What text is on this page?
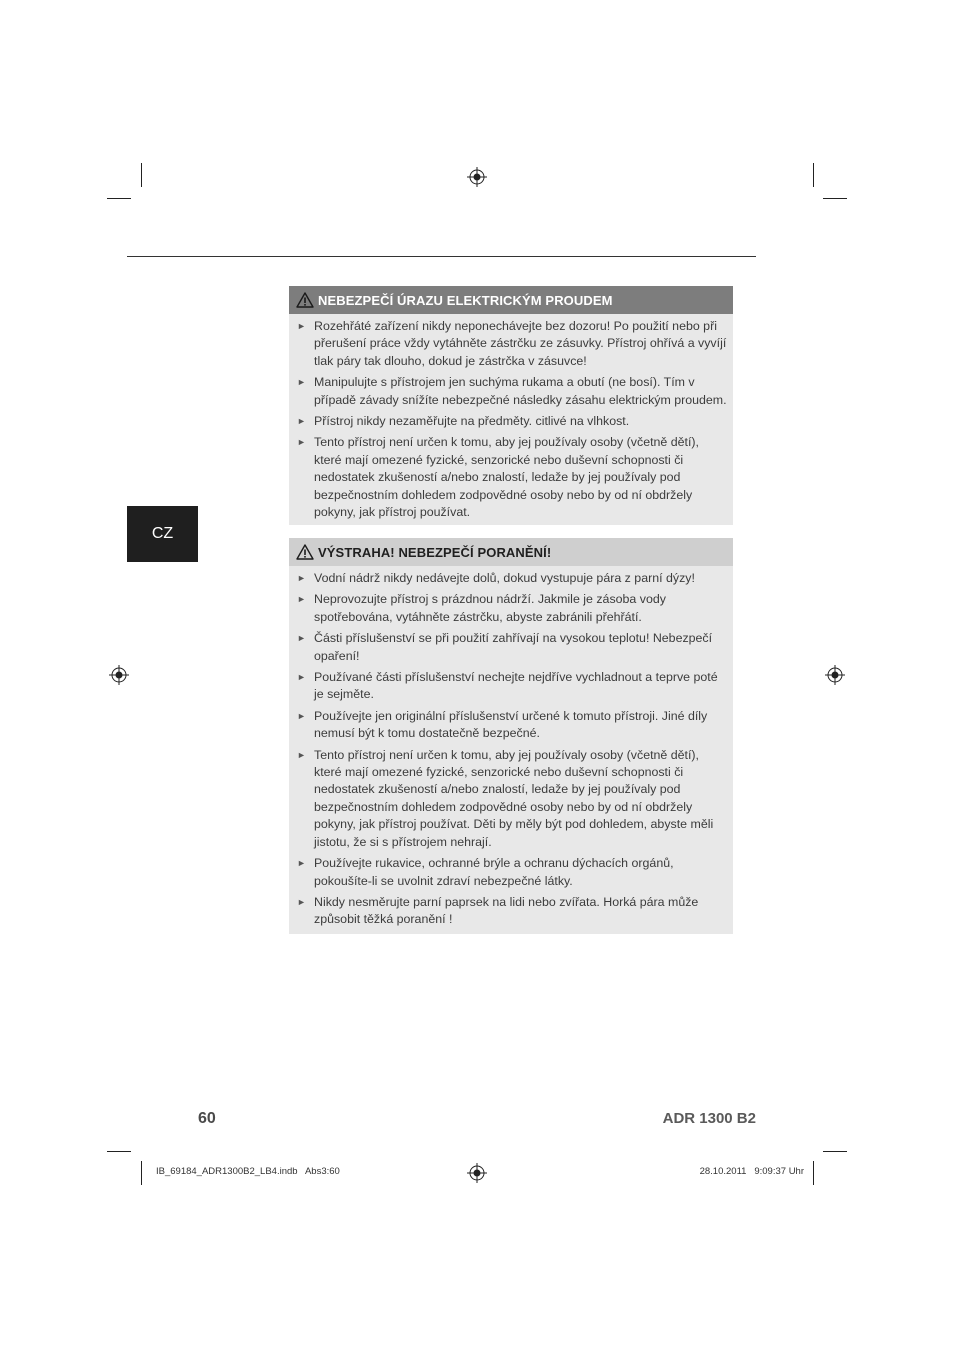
CZ
NEBEZPEČÍ ÚRAZU ELEKTRICKÝM PROUDEM
► Rozehřáté zařízení nikdy neponechávejte bez dozoru! Po použití nebo při přerušení práce vždy vytáhněte zástrčku ze zásuvky. Přístroj ohřívá a vyvíjí tlak páry tak dlouho, dokud je zástrčka v zásuvce!
► Manipulujte s přístrojem jen suchýma rukama a obutí (ne bosí). Tím v případě závady snížíte nebezpečné následky zásahu elektrickým proudem.
► Přístroj nikdy nezaměřujte na předměty. citlivé na vlhkost.
► Tento přístroj není určen k tomu, aby jej používaly osoby (včetně dětí), které mají omezené fyzické, senzorické nebo duševní schopnosti či nedostatek zkušeností a/nebo znalostí, ledaže by jej používaly pod bezpečnostním dohledem zodpovědné osoby nebo by od ní obdržely pokyny, jak přístroj používat.
VÝSTRAHA! NEBEZPEČÍ PORANĚNÍ!
► Vodní nádrž nikdy nedávejte dolů, dokud vystupuje pára z parní dýzy!
► Neprovozujte přístroj s prázdnou nádrží. Jakmile je zásoba vody spotřebována, vytáhněte zástrčku, abyste zabránili přehřátí.
► Části příslušenství se při použití zahřívají na vysokou teplotu! Nebezpečí opaření!
► Používané části příslušenství nechejte nejdříve vychladnout a teprve poté je sejměte.
► Používejte jen originální příslušenství určené k tomuto přístroji. Jiné díly nemusí být k tomu dostatečně bezpečné.
► Tento přístroj není určen k tomu, aby jej používaly osoby (včetně dětí), které mají omezené fyzické, senzorické nebo duševní schopnosti či nedostatek zkušeností a/nebo znalostí, ledaže by jej používaly pod bezpečnostním dohledem zodpovědné osoby nebo by od ní obdržely pokyny, jak přístroj používat. Děti by měly být pod dohledem, abyste měli jistotu, že si s přístrojem nehrají.
► Používejte rukavice, ochranné brýle a ochranu dýchacích orgánů, pokoušíte-li se uvolnit zdraví nebezpečné látky.
► Nikdy nesměrujte parní paprsek na lidi nebo zvířata. Horká pára může způsobit těžká poranění !
60	ADR 1300 B2
IB_69184_ADR1300B2_LB4.indb   Abs3:60	28.10.2011   9:09:37 Uhr
